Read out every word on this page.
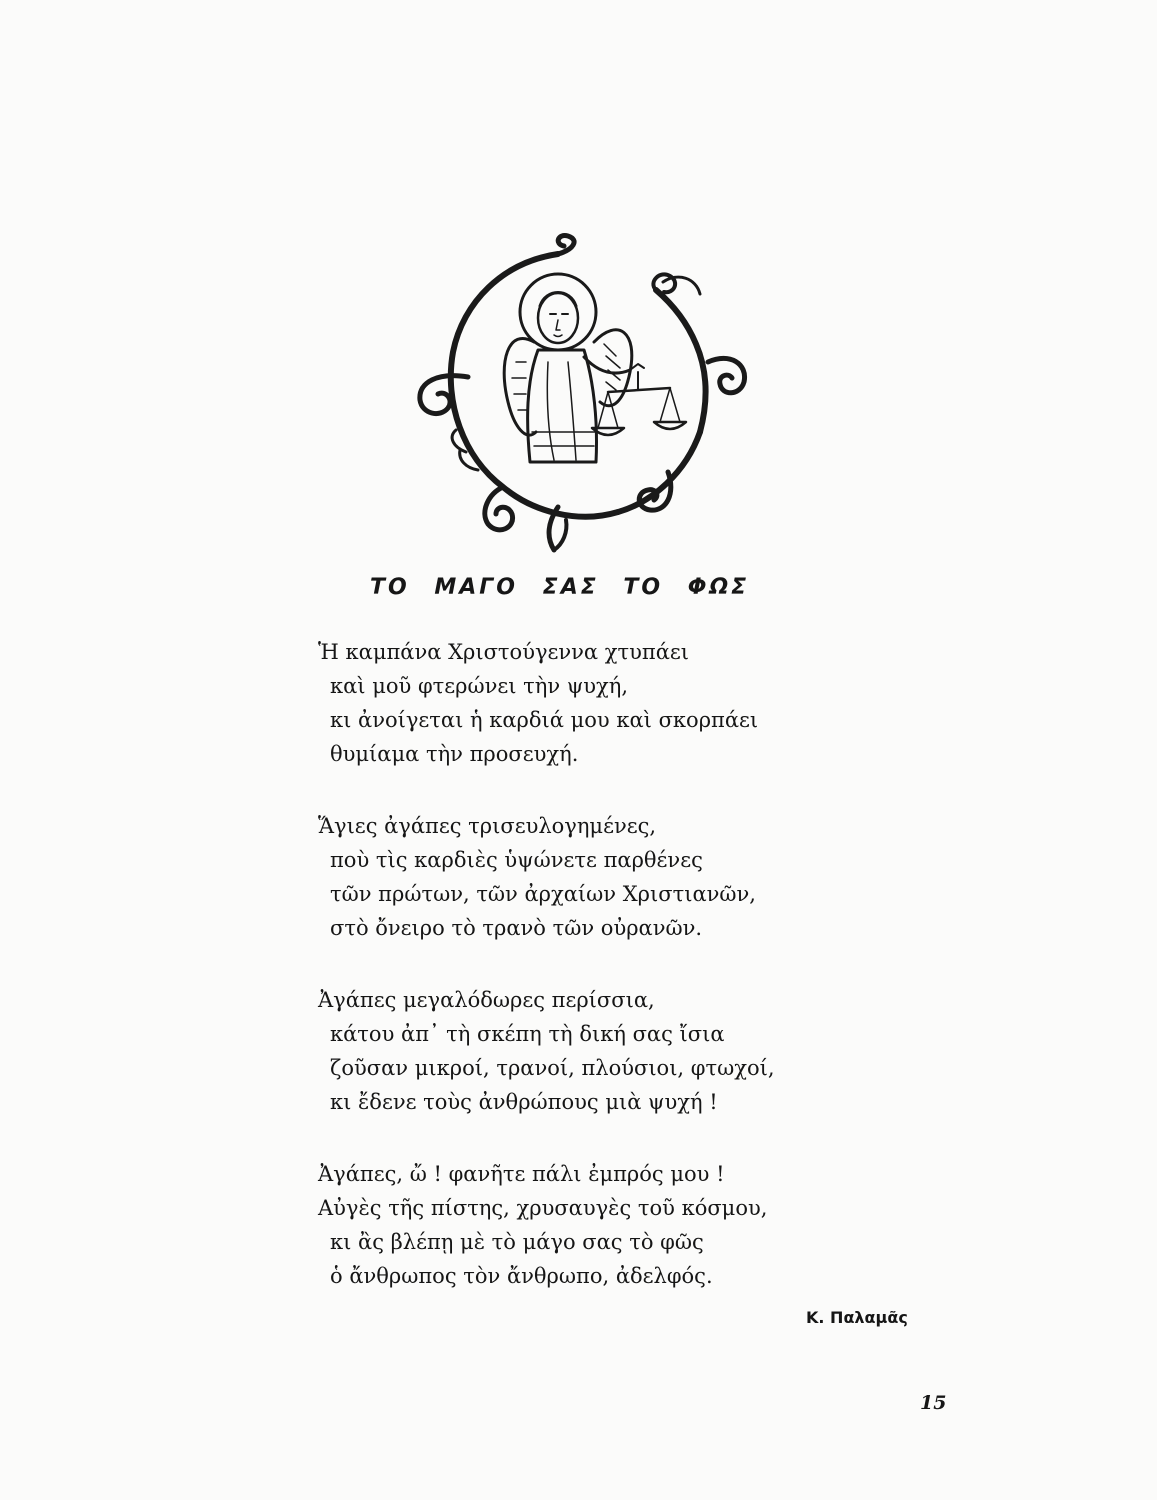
ΤΟ ΜΑΓΟ ΣΑΣ ΤΟ ΦΩΣ
Ἡ καμπάνα Χριστούγεννα χτυπάει
καὶ μοῦ φτερώνει τὴν ψυχή,
κι ἀνοίγεται ἡ καρδιά μου καὶ σκορπάει
θυμίαμα τὴν προσευχή.
Ἅγιες ἀγάπες τρισευλογημένες,
ποὺ τὶς καρδιὲς ὑψώνετε παρθένες
τῶν πρώτων, τῶν ἀρχαίων Χριστιανῶν,
στὸ ὄνειρο τὸ τρανὸ τῶν οὐρανῶν.
Ἀγάπες μεγαλόδωρες περίσσια,
κάτου ἀπ᾿ τὴ σκέπη τὴ δική σας ἴσια
ζοῦσαν μικροί, τρανοί, πλούσιοι, φτωχοί,
κι ἔδενε τοὺς ἀνθρώπους μιὰ ψυχή !
Ἀγάπες, ὤ ! φανῆτε πάλι ἐμπρός μου !
Αὐγὲς τῆς πίστης, χρυσαυγὲς τοῦ κόσμου,
κι ἂς βλέπῃ μὲ τὸ μάγο σας τὸ φῶς
ὁ ἄνθρωπος τὸν ἄνθρωπο, ἀδελφός.
Κ. Παλαμᾶς
15
